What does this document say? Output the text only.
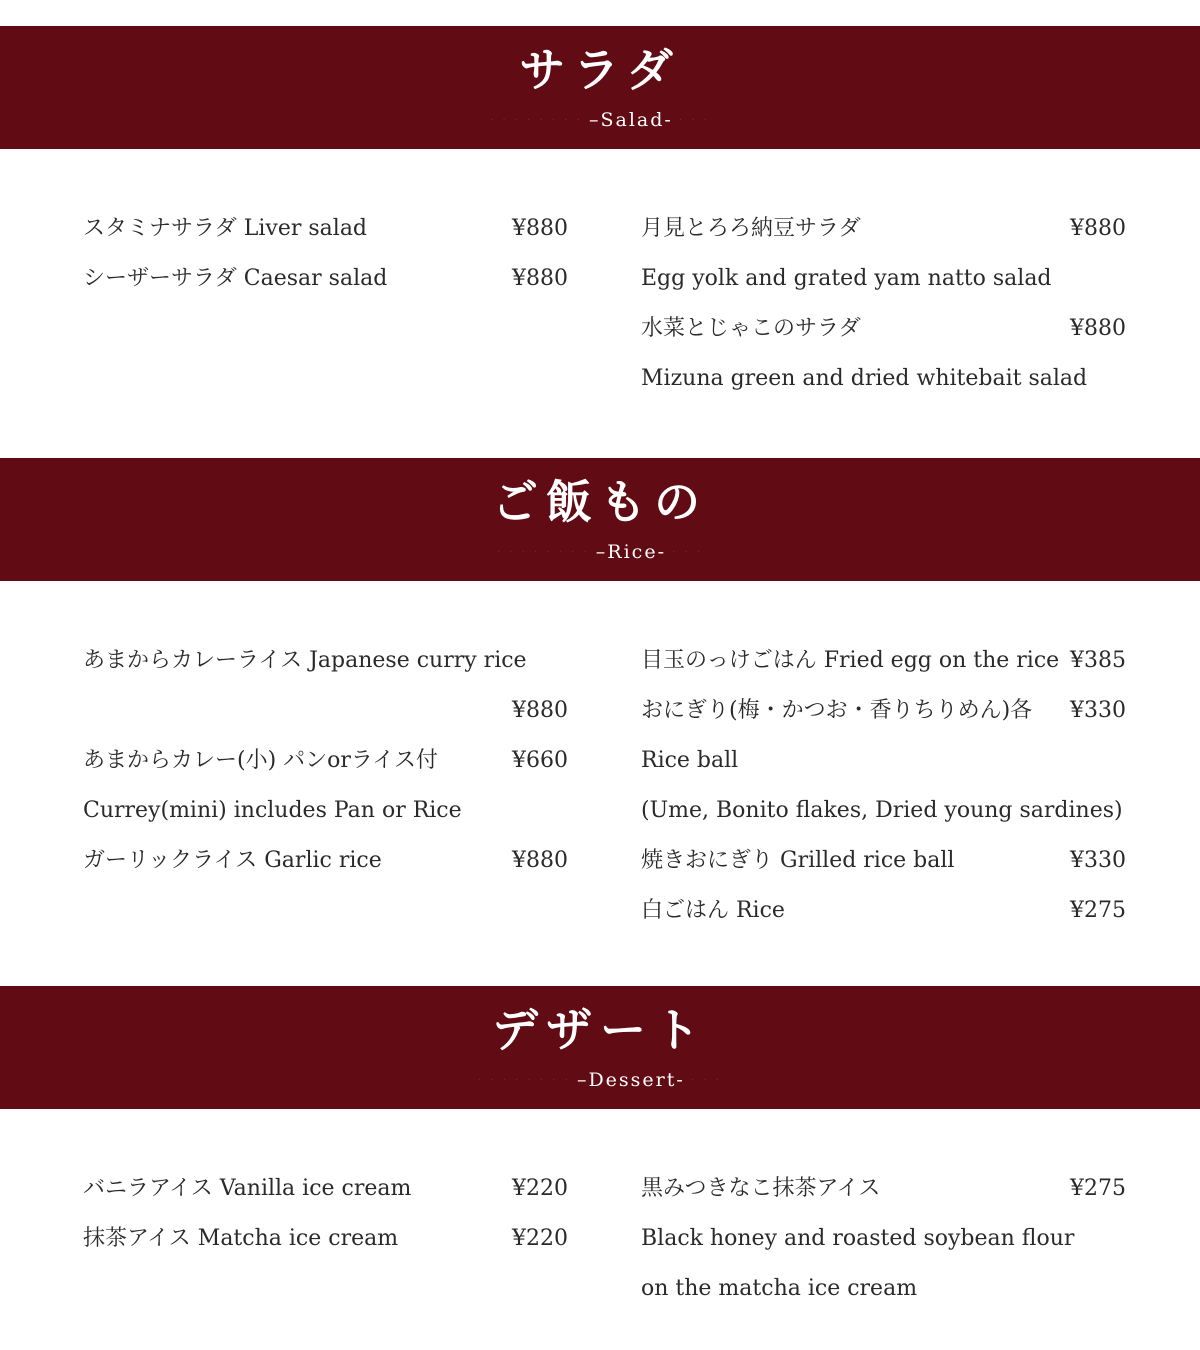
サラダ
· · · · · · · · –Salad- · · ·
スタミナサラダ Liver salad	¥880
シーザーサラダ Caesar salad	¥880
月見とろろ納豆サラダ	¥880
Egg yolk and grated yam natto salad
水菜とじゃこのサラダ	¥880
Mizuna green and dried whitebait salad
ご飯もの
· · · · · · · · –Rice- · · ·
あまからカレーライス Japanese curry rice
¥880
あまからカレー(小) パンorライス付	¥660
Currey(mini) includes Pan or Rice
ガーリックライス Garlic rice	¥880
目玉のっけごはん Fried egg on the rice ¥385
おにぎり(梅・かつお・香りちりめん)各 ¥330
Rice ball
(Ume, Bonito flakes, Dried young sardines)
焼きおにぎり Grilled rice ball	¥330
白ごはん Rice	¥275
デザート
· · · · · · · · –Dessert- · · ·
バニラアイス Vanilla ice cream	¥220
抹茶アイス Matcha ice cream	¥220
黒みつきなこ抹茶アイス	¥275
Black honey and roasted soybean flour
on the matcha ice cream
